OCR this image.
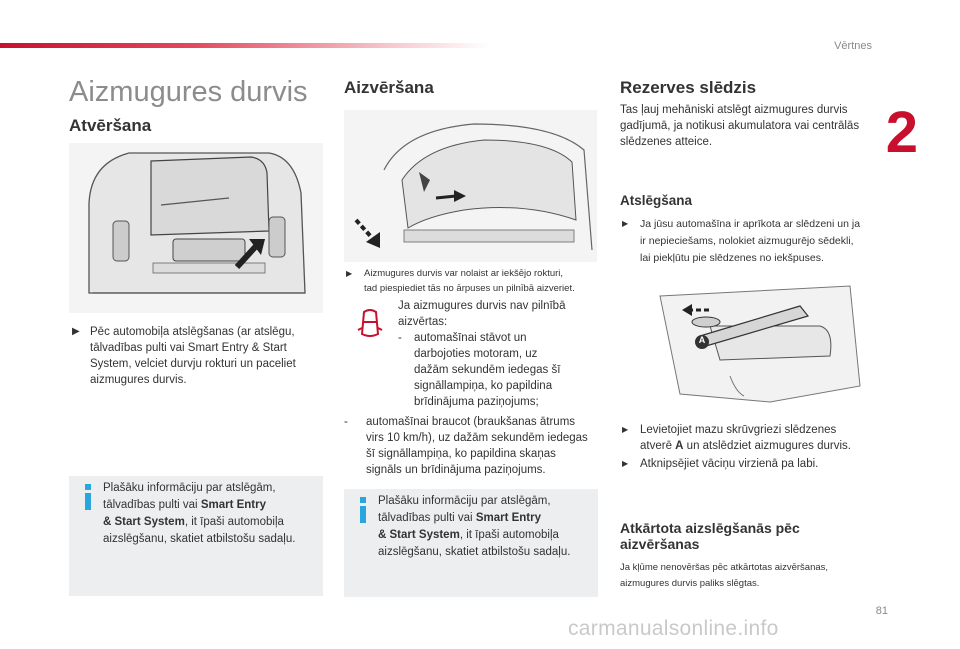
Vērtnes
2
Aizmugures durvis
Atvēršana
▶ Pēc automobiļa atslēgšanas (ar atslēgu,
tālvadības pulti vai Smart Entry & Start
System, velciet durvju rokturi un paceliet
aizmugures durvis.
Plašāku informāciju par atslēgām,
tālvadības pulti vai Smart Entry
& Start System, it īpaši automobiļa
aizslēgšanu, skatiet atbilstošu sadaļu.
Aizvēršana
▶	Aizmugures durvis var nolaist ar iekšējo rokturi,
tad piespiediet tās no ārpuses un pilnībā aizveriet.
Ja aizmugures durvis nav pilnībā
aizvērtas:
-	automašīnai stāvot un
darbojoties motoram, uz
dažām sekundēm iedegas šī
signāllampiņa, ko papildina
brīdinājuma paziņojums;
-	automašīnai braucot (braukšanas ātrums
virs 10 km/h), uz dažām sekundēm iedegas
šī signāllampiņa, ko papildina skaņas
signāls un brīdinājuma paziņojums.
Plašāku informāciju par atslēgām,
tālvadības pulti vai Smart Entry
& Start System, it īpaši automobiļa
aizslēgšanu, skatiet atbilstošu sadaļu.
Rezerves slēdzis
Tas ļauj mehāniski atslēgt aizmugures durvis
gadījumā, ja notikusi akumulatora vai centrālās
slēdzenes atteice.
Atslēgšana
▶	Ja jūsu automašīna ir aprīkota ar slēdzeni un ja
ir nepieciešams, nolokiet aizmugurējo sēdekli,
lai piekļūtu pie slēdzenes no iekšpuses.
A
▶	Levietojiet mazu skrūvgriezi slēdzenes
atverē A un atslēdziet aizmugures durvis.
▶	Atknipsējiet vāciņu virzienā pa labi.
Atkārtota aizslēgšanās pēc
aizvēršanas
Ja kļūme nenovēršas pēc atkārtotas aizvēršanas,
aizmugures durvis paliks slēgtas.
81
carmanualsonline.info
